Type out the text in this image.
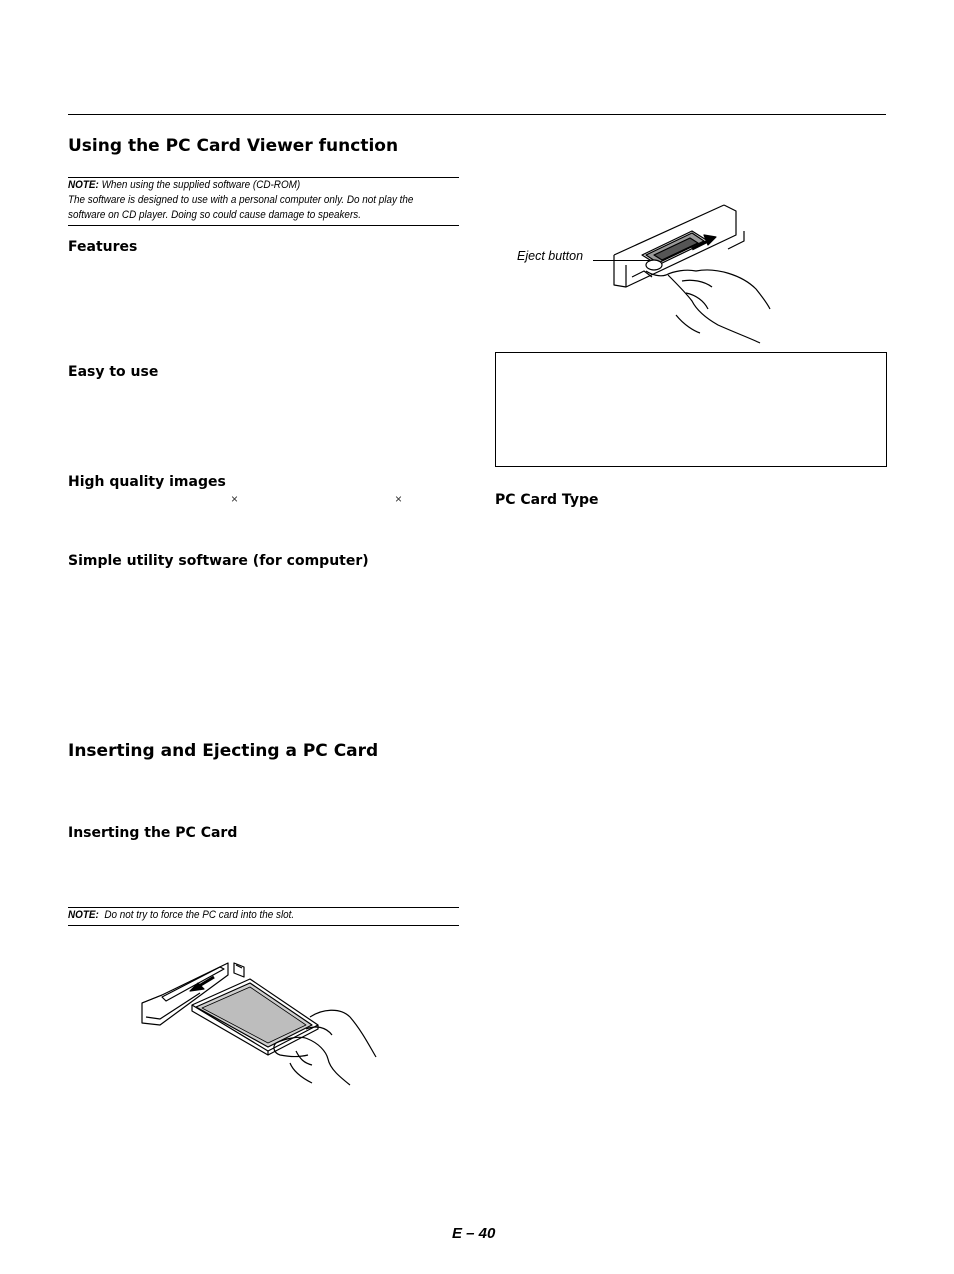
Using the PC Card Viewer function
NOTE: When using the supplied software (CD-ROM)
The software is designed to use with a personal computer only. Do not play the
software on CD player. Doing so could cause damage to speakers.
Features
Easy to use
High quality images
×	×
Simple utility software (for computer)
Inserting and Ejecting a PC Card
Inserting the PC Card
NOTE: Do not try to force the PC card into the slot.
Eject button
PC Card Type
E – 40
